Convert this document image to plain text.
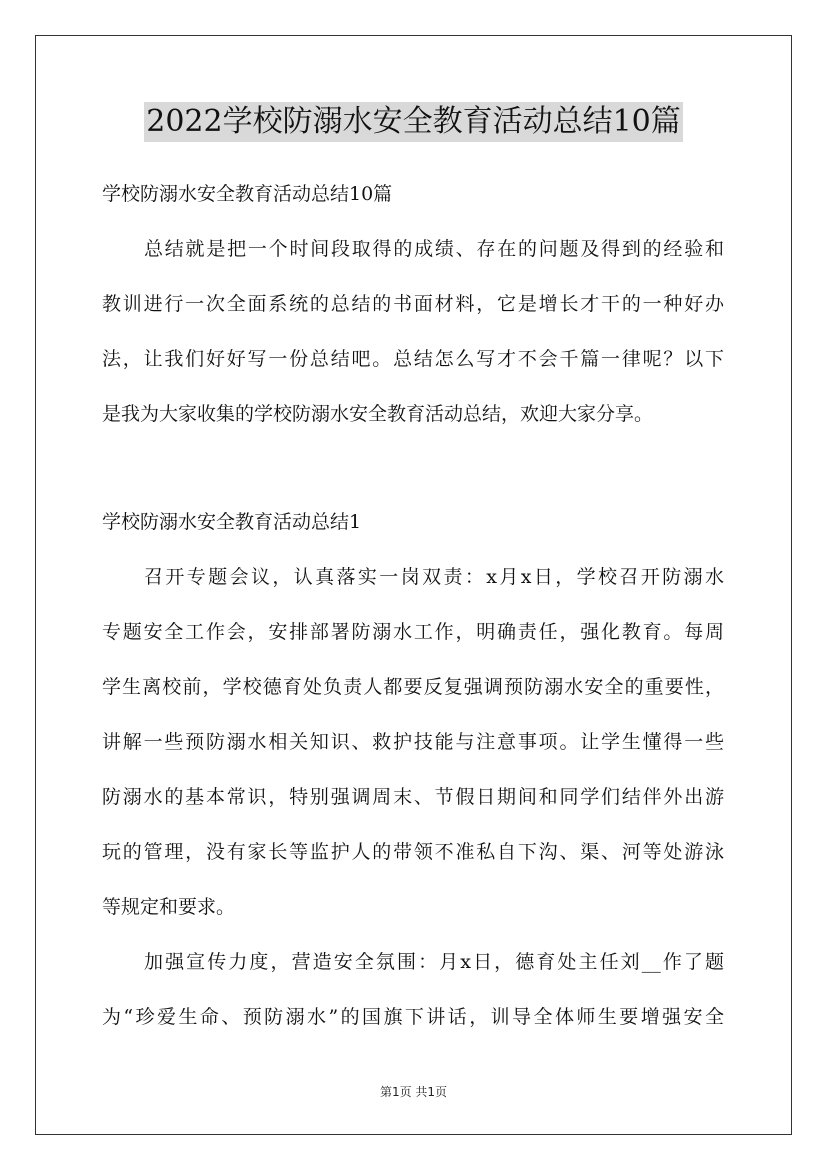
2022学校防溺水安全教育活动总结10篇
学校防溺水安全教育活动总结10篇
总结就是把一个时间段取得的成绩、存在的问题及得到的经验和
教训进行一次全面系统的总结的书面材料，它是增长才干的一种好办
法，让我们好好写一份总结吧。总结怎么写才不会千篇一律呢？以下
是我为大家收集的学校防溺水安全教育活动总结，欢迎大家分享。
学校防溺水安全教育活动总结1
召开专题会议，认真落实一岗双责：x月x日，学校召开防溺水
专题安全工作会，安排部署防溺水工作，明确责任，强化教育。每周
学生离校前，学校德育处负责人都要反复强调预防溺水安全的重要性，
讲解一些预防溺水相关知识、救护技能与注意事项。让学生懂得一些
防溺水的基本常识，特别强调周末、节假日期间和同学们结伴外出游
玩的管理，没有家长等监护人的带领不准私自下沟、渠、河等处游泳
等规定和要求。
加强宣传力度，营造安全氛围：月x日，德育处主任刘__作了题
为“珍爱生命、预防溺水”的国旗下讲话，训导全体师生要增强安全
第1页 共1页
